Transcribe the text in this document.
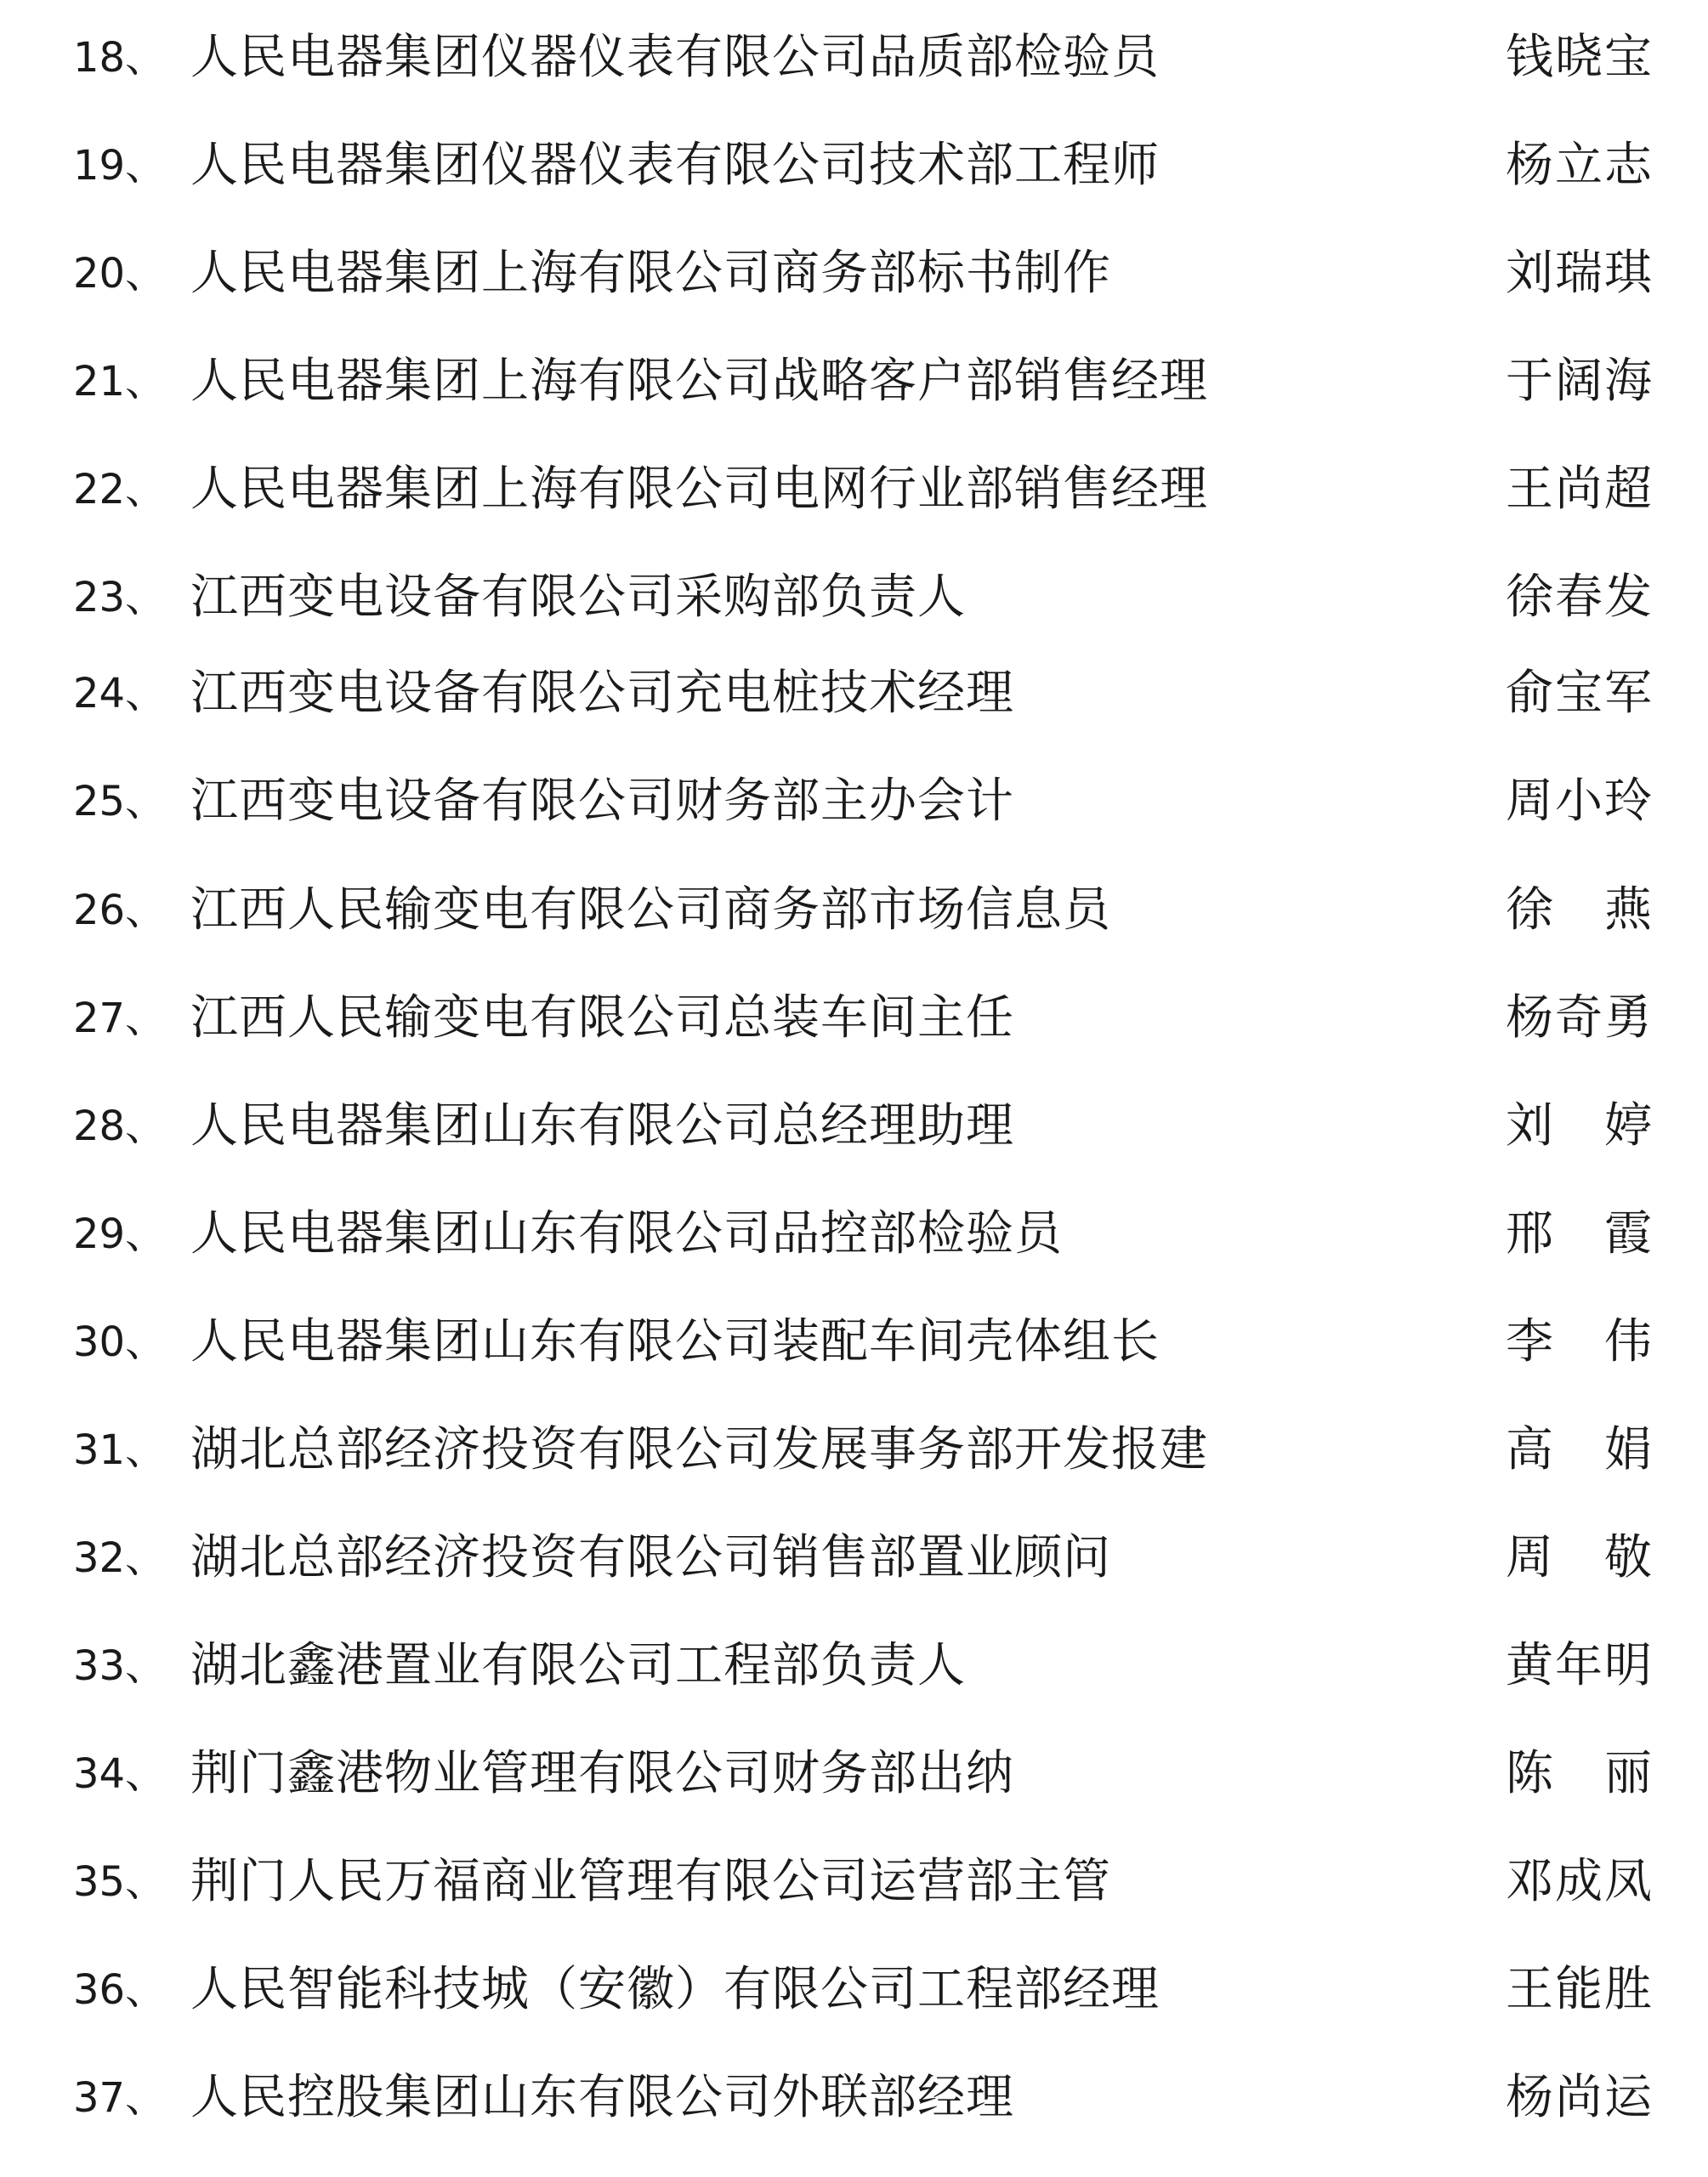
18、 人民电器集团仪器仪表有限公司品质部检验员	钱晓宝
19、 人民电器集团仪器仪表有限公司技术部工程师	杨立志
20、 人民电器集团上海有限公司商务部标书制作	刘瑞琪
21、 人民电器集团上海有限公司战略客户部销售经理	于阔海
22、 人民电器集团上海有限公司电网行业部销售经理	王尚超
23、 江西变电设备有限公司采购部负责人	徐春发
24、 江西变电设备有限公司充电桩技术经理	俞宝军
25、 江西变电设备有限公司财务部主办会计	周小玲
26、 江西人民输变电有限公司商务部市场信息员	徐燕
27、 江西人民输变电有限公司总装车间主任	杨奇勇
28、 人民电器集团山东有限公司总经理助理	刘婷
29、 人民电器集团山东有限公司品控部检验员	邢霞
30、 人民电器集团山东有限公司装配车间壳体组长	李伟
31、 湖北总部经济投资有限公司发展事务部开发报建	高娟
32、 湖北总部经济投资有限公司销售部置业顾问	周敬
33、 湖北鑫港置业有限公司工程部负责人	黄年明
34、 荆门鑫港物业管理有限公司财务部出纳	陈丽
35、 荆门人民万福商业管理有限公司运营部主管	邓成凤
36、 人民智能科技城（安徽）有限公司工程部经理	王能胜
37、 人民控股集团山东有限公司外联部经理	杨尚运
